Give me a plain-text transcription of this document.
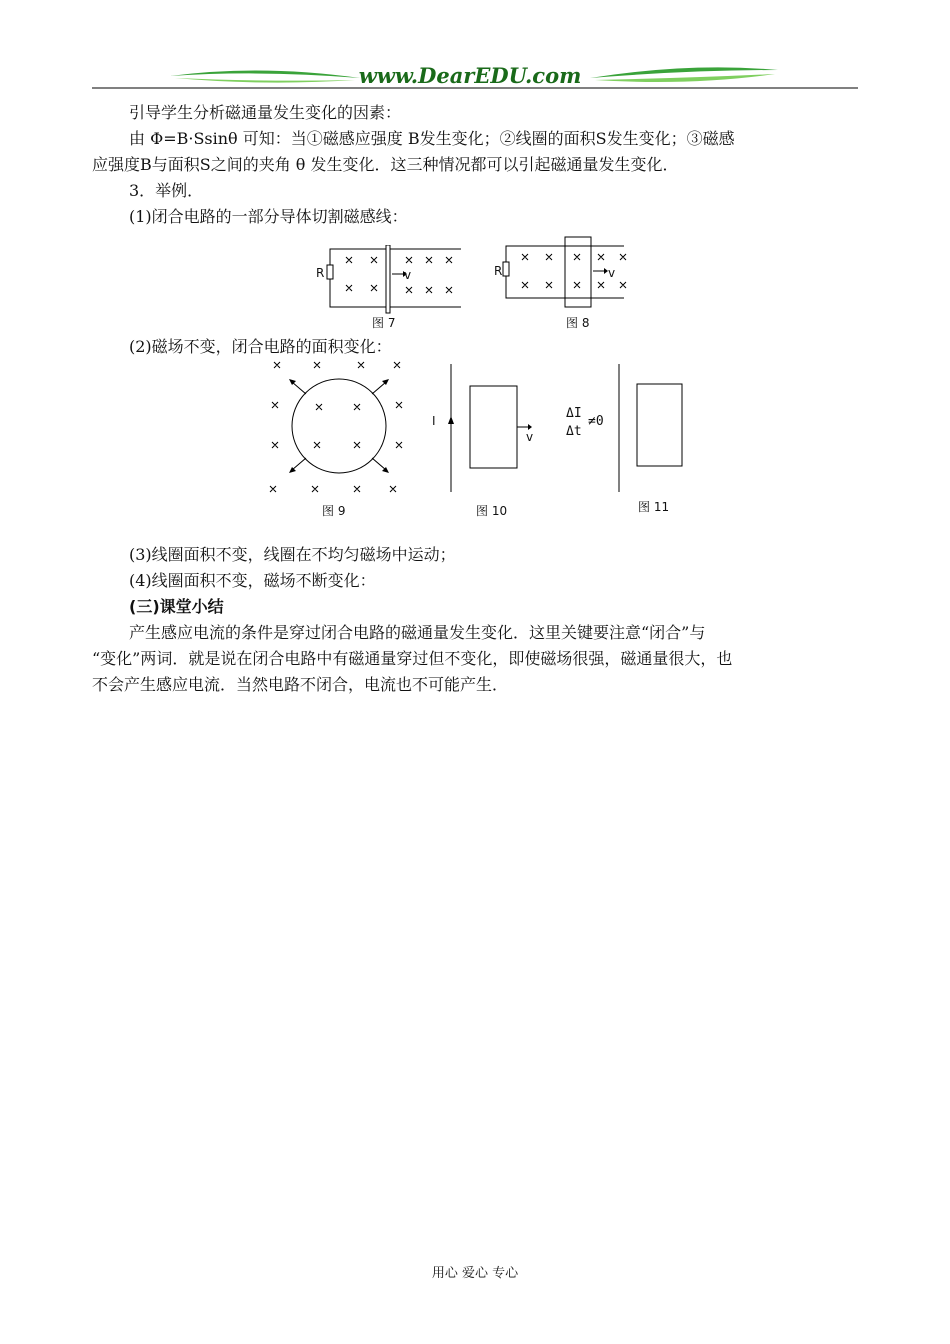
www.DearEDU.com
引导学生分析磁通量发生变化的因素：
由 Φ=B·Ssinθ 可知：当①磁感应强度 B发生变化；②线圈的面积S发生变化；③磁感
应强度B与面积S之间的夹角 θ 发生变化．这三种情况都可以引起磁通量发生变化．
3．举例．
(1)闭合电路的一部分导体切割磁感线：
R	v
图 7
R	v
图 8
(2)磁场不变，闭合电路的面积变化：
图 9
I
v
图 10
ΔI
Δt
≠0
图 11
(3)线圈面积不变，线圈在不均匀磁场中运动；
(4)线圈面积不变，磁场不断变化：
(三)课堂小结
产生感应电流的条件是穿过闭合电路的磁通量发生变化．这里关键要注意“闭合”与
“变化”两词．就是说在闭合电路中有磁通量穿过但不变化，即使磁场很强，磁通量很大，也
不会产生感应电流．当然电路不闭合，电流也不可能产生．
用心 爱心 专心
